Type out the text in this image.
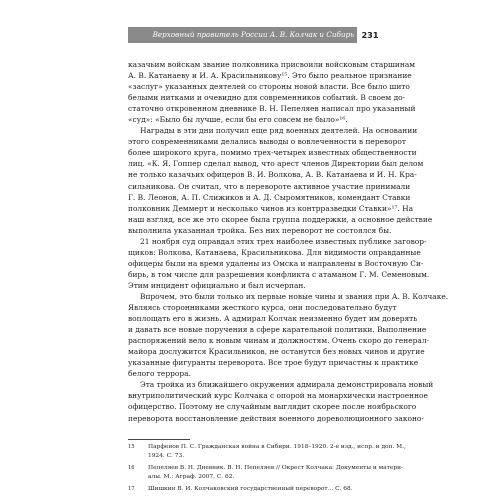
Верховный правитель России А. В. Колчак и Сибирь 231
казачьим войскам звание полковника присвоили войсковым старшинам
А. В. Катанаеву и И. А. Красильникову¹⁵. Это было реальное признание
«заслуг» указанных деятелей со стороны новой власти. Все было шито
белыми нитками и очевидно для современников событий. В своем до-
статочно откровенном дневнике В. Н. Пепеляев написал про указанный
«суд»: «Было бы лучше, если бы его совсем не было»¹⁶.
Награды в эти дни получил еще ряд военных деятелей. На основании
этого современниками делались выводы о вовлеченности в переворот
более широкого круга, помимо трех-четырех известных общественности
лиц. «К. Я. Гоппер сделал вывод, что арест членов Директории был делом
не только казачьих офицеров В. И. Волкова, А. В. Катанаева и И. Н. Кра-
сильникова. Он считал, что в перевороте активное участие принимали
Г. В. Леонов, А. П. Слижиков и А. Д. Сыромятников, комендант Ставки
полковник Деммерт и несколько чинов из контрразведки Ставки»¹⁷. На
наш взгляд, все же это скорее была группа поддержки, а основное действие
выполнила указанная тройка. Без них переворот не состоялся бы.
21 ноября суд оправдал этих трех наиболее известных публике заговор-
щиков: Волкова, Катанаева, Красильникова. Для видимости оправданные
офицеры были на время удалены из Омска и направлены в Восточную Си-
бирь, в том числе для разрешения конфликта с атаманом Г. М. Семеновым.
Этим инцидент официально и был исчерпан.
Впрочем, это были только их первые новые чины и звания при А. В. Колчаке.
Являясь сторонниками жесткого курса, они последовательно будут
воплощать его в жизнь. А адмирал Колчак неизменно будет им доверять
и давать все новые поручения в сфере карательной политики. Выполнение
распоряжений вело к новым чинам и должностям. Очень скоро до генерал-
майора дослужится Красильников, не останутся без новых чинов и другие
указанные фигуранты переворота. Все трое будут причастны к практике
белого террора.
Эта тройка из ближайшего окружения адмирала демонстрировала новый
внутриполитический курс Колчака с опорой на монархически настроенное
офицерство. Поэтому не случайным выглядит скорее после ноябрьского
переворота восстановление действия военного дореволюционного законо-
15 Парфенов П. С. Гражданская война в Сибири. 1918–1920. 2-е изд., испр. и доп. М.,
1924. С. 73.
16 Пепеляев В. Н. Дневник. В. Н. Пепеляев // Окрест Колчака: Документы и матери-
алы. М.: Аграф. 2007. С. 62.
17 Шишкин В. И. Колчаковский государственный переворот... С. 68.
